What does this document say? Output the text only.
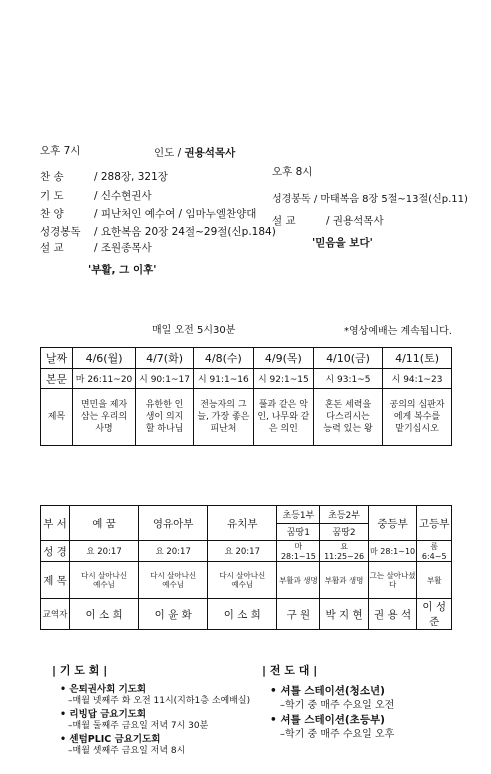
오후 7시	인도 / 권용석목사
찬 송	/ 288장, 321장
기 도	/ 신수현권사
찬 양	/ 피난처인 예수여 / 임마누엘찬양대
성경봉독 / 요한복음 20장 24절~29절(신p.184)
설 교	/ 조원종목사
'부활, 그 이후'
오후 8시
성경봉독 / 마태복음 8장 5절~13절(신p.11)
설 교	/ 권용석목사
'믿음을 보다'
매일 오전 5시30분	*영상예배는 계속됩니다.
날짜	4/6(월)	4/7(화)	4/8(수)	4/9(목)	4/10(금)	4/11(토)
본문	마 26:11~20	시 90:1~17	시 91:1~16	시 92:1~15	시 93:1~5	시 94:1~23
제목	면민을 제자 삼는 우리의 사명	유한한 인생이 의지할 하나님	전능자의 그늘, 가장 좋은 피난처	풀과 같은 악인, 나무와 같은 의인	혼돈 세력을 다스리시는 능력 있는 왕	공의의 심판자에게 복수를 맡기십시오
부 서	예 꿈	영유아부	유치부	초등1부	초등2부	중등부	고등부
				꿈땅1	꿈땅2		
성 경	요 20:17	요 20:17	요 20:17	마 28:1~15	요 11:25~26	마 28:1~10	롬 6:4~5
제 목	다시 살아나신 예수님	다시 살아나신 예수님	다시 살아나신 예수님	부활과 생명	부활과 생명	그는 살아나셨다	부활
교역자	이 소 희	이 윤 화	이 소 희	구 원	박 지 현	권 용 석	이 성 준
| 기 도 회 |
• 은퇴권사회 기도회
–매월 넷째주 화 오전 11시(지하1층 소예배실)
• 리빙답 금요기도회
–매월 둘째주 금요일 저녁 7시 30분
• 센텀PLIC 금요기도회
–매월 셋째주 금요일 저녁 8시
| 전 도 대 |
• 셔틀 스테이션(청소년)
–학기 중 매주 수요일 오전
• 셔틀 스테이션(초등부)
–학기 중 매주 수요일 오후
